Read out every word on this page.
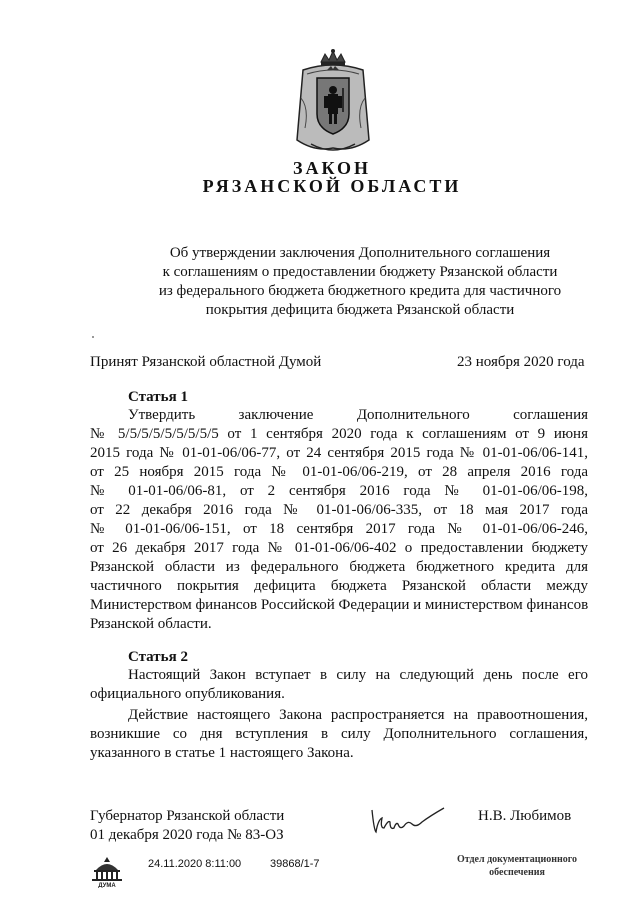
ЗАКОН
РЯЗАНСКОЙ ОБЛАСТИ
Об утверждении заключения Дополнительного соглашения
к соглашениям о предоставлении бюджету Рязанской области
из федерального бюджета бюджетного кредита для частичного
покрытия дефицита бюджета Рязанской области
Принят Рязанской областной Думой	23 ноября 2020 года
Статья 1
Утвердить заключение Дополнительного соглашения
№ 5/5/5/5/5/5/5/5/5 от 1 сентября 2020 года к соглашениям от 9 июня
2015 года № 01-01-06/06-77, от 24 сентября 2015 года № 01-01-06/06-141,
от 25 ноября 2015 года № 01-01-06/06-219, от 28 апреля 2016 года
№ 01-01-06/06-81, от 2 сентября 2016 года № 01-01-06/06-198,
от 22 декабря 2016 года № 01-01-06/06-335, от 18 мая 2017 года
№ 01-01-06/06-151, от 18 сентября 2017 года № 01-01-06/06-246,
от 26 декабря 2017 года № 01-01-06/06-402 о предоставлении бюджету
Рязанской области из федерального бюджета бюджетного кредита для
частичного покрытия дефицита бюджета Рязанской области между
Министерством финансов Российской Федерации и министерством финансов
Рязанской области.
Статья 2
Настоящий Закон вступает в силу на следующий день после его
официального опубликования.
Действие настоящего Закона распространяется на правоотношения,
возникшие со дня вступления в силу Дополнительного соглашения,
указанного в статье 1 настоящего Закона.
Губернатор Рязанской области
01 декабря 2020 года № 83-ОЗ
Н.В. Любимов
ДУМА
24.11.2020 8:11:00	39868/1-7	Отдел документационного
обеспечения
